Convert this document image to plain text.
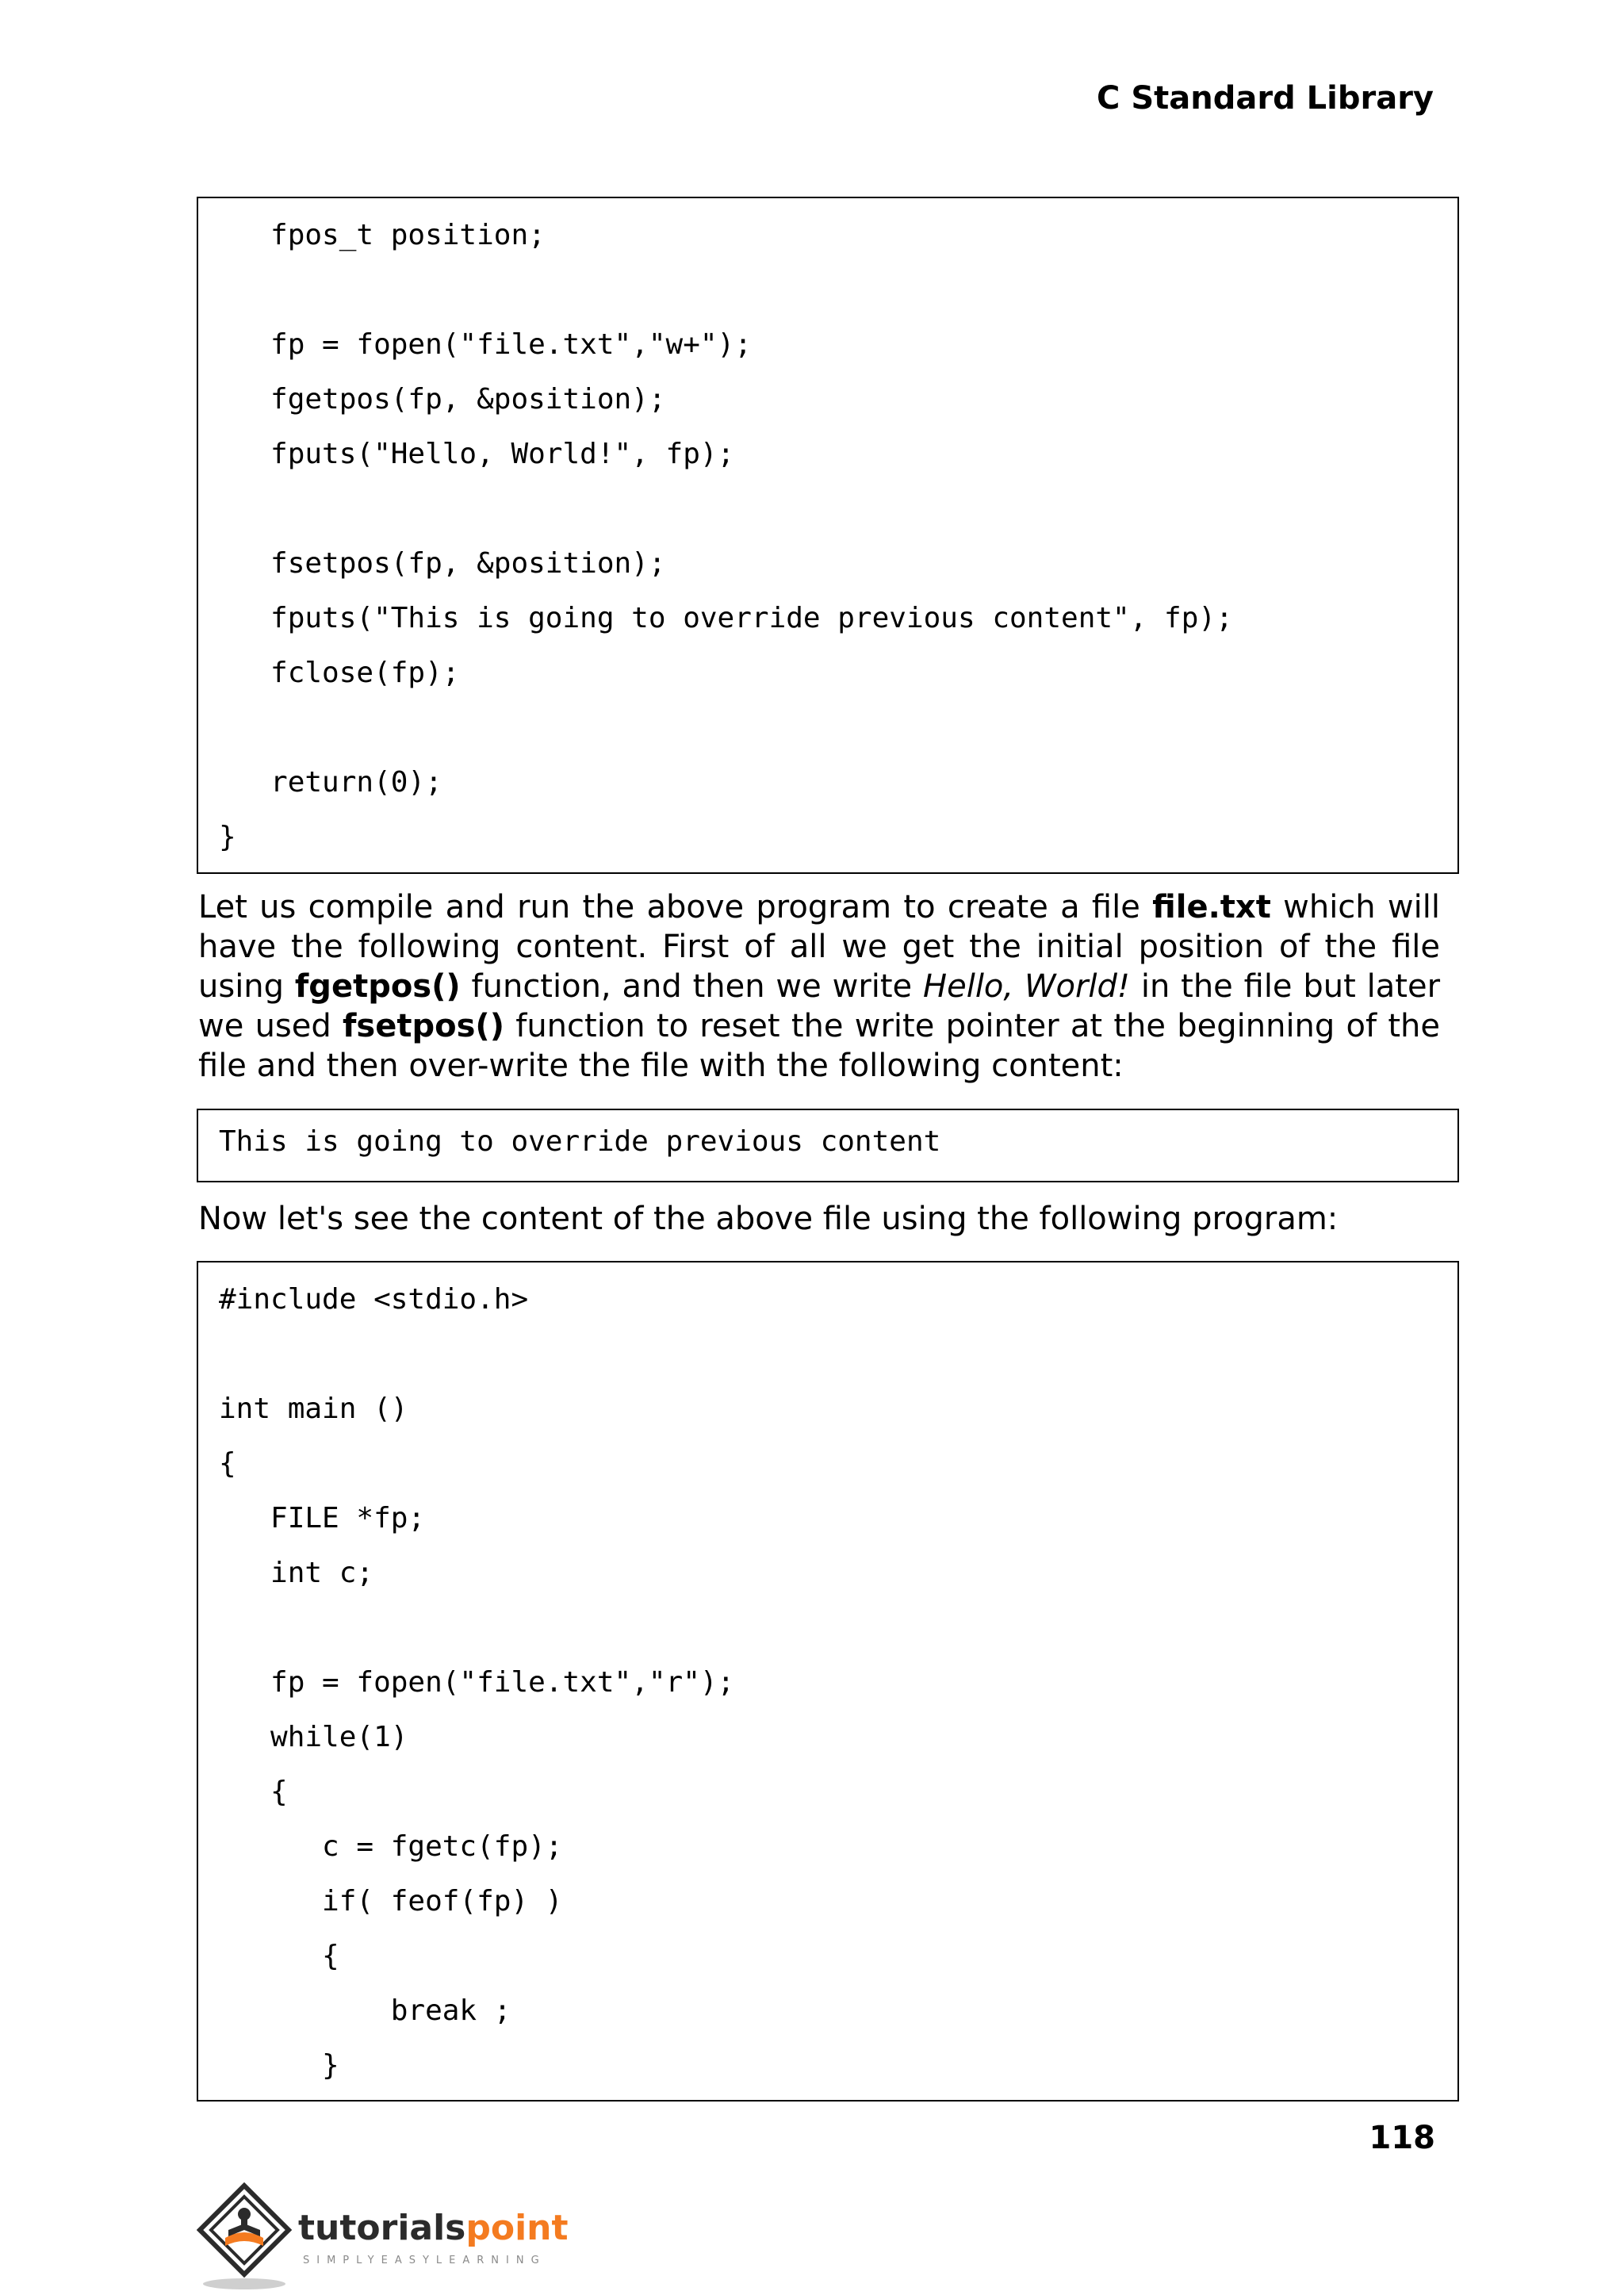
C Standard Library
fpos_t position;
fp = fopen("file.txt","w+");
fgetpos(fp, &position);
fputs("Hello, World!", fp);
fsetpos(fp, &position);
fputs("This is going to override previous content", fp);
fclose(fp);
return(0);
}

Let us compile and run the above program to create a file file.txt which will have the following content. First of all we get the initial position of the file using fgetpos() function, and then we write Hello, World! in the file but later we used fsetpos() function to reset the write pointer at the beginning of the file and then over-write the file with the following content:

This is going to override previous content

Now let's see the content of the above file using the following program:

#include <stdio.h>
int main ()
{
FILE *fp;
int c;
fp = fopen("file.txt","r");
while(1)
{
c = fgetc(fp);
if( feof(fp) )
{
break ;
}
118
tutorialspoint
SIMPLYEASYLEARNING
